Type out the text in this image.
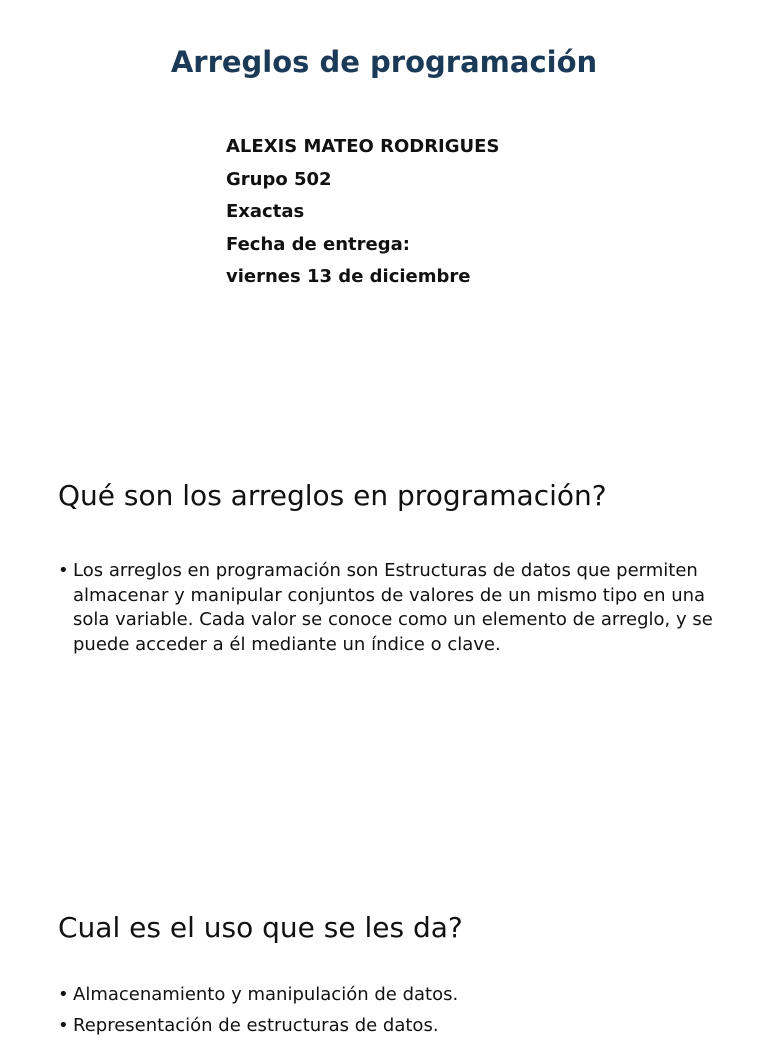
Arreglos de programación
ALEXIS MATEO RODRIGUES
Grupo 502
Exactas
Fecha de entrega:
viernes 13 de diciembre
Qué son los arreglos en programación?
• Los arreglos en programación son Estructuras de datos que permiten almacenar y manipular conjuntos de valores de un mismo tipo en una sola variable. Cada valor se conoce como un elemento de arreglo, y se puede acceder a él mediante un índice o clave.
Cual es el uso que se les da?
• Almacenamiento y manipulación de datos.
• Representación de estructuras de datos.
